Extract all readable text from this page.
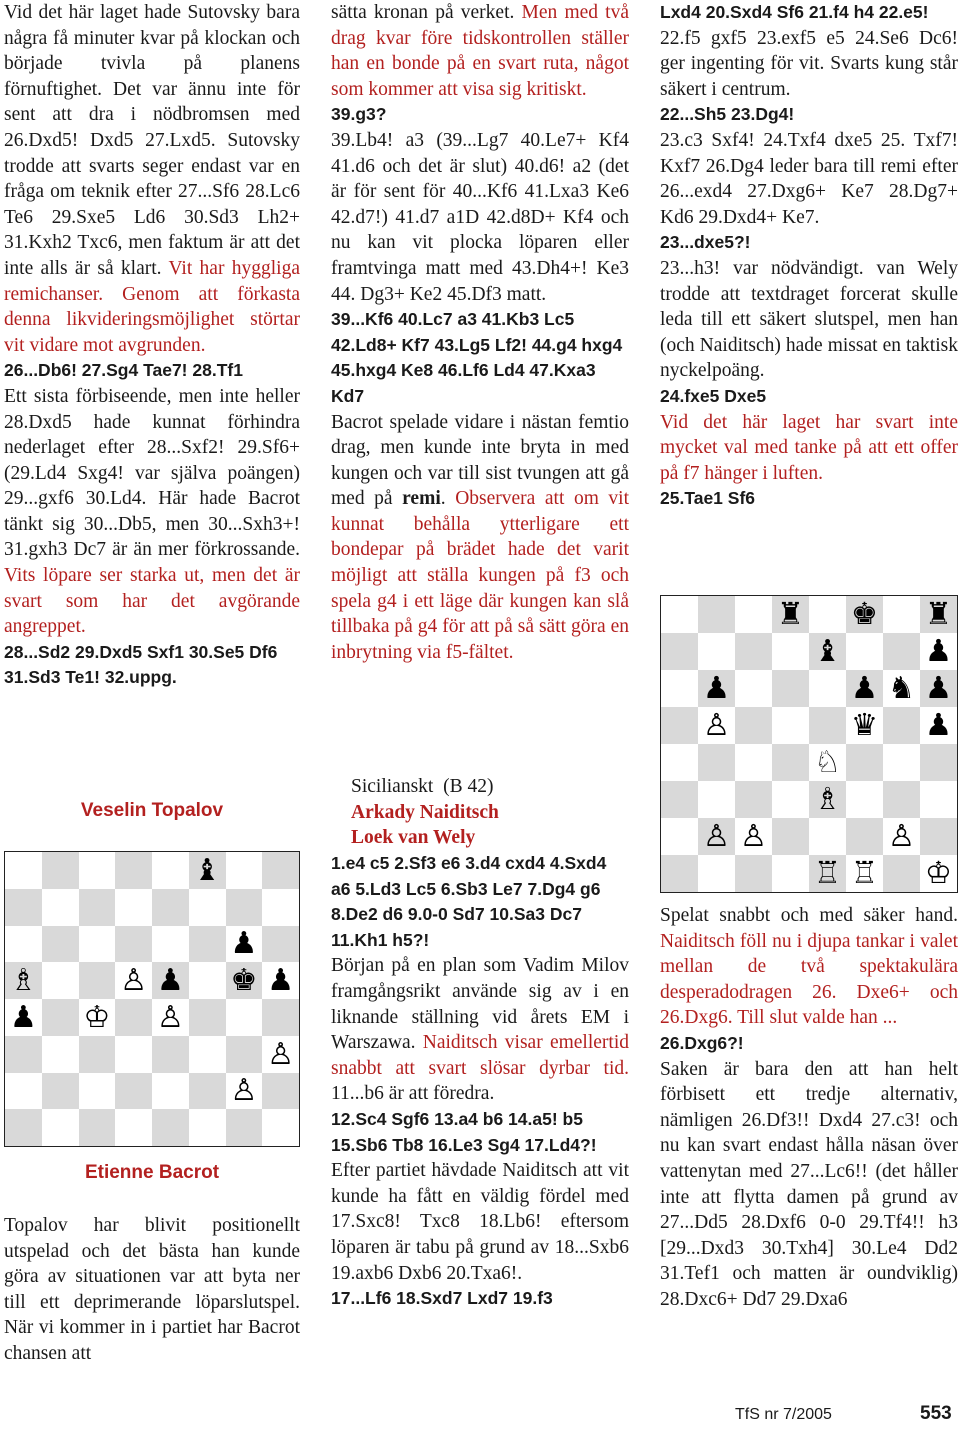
Vid det här laget hade Sutovsky bara några få minuter kvar på klockan och började tvivla på planens förnuftighet. Det var ännu inte för sent att dra i nödbromsen med 26.Dxd5! Dxd5 27.Lxd5. Sutovsky trodde att svarts seger endast var en fråga om teknik efter 27...Sf6 28.Lc6 Te6 29.Sxe5 Ld6 30.Sd3 Lh2+ 31.Kxh2 Txc6, men faktum är att det inte alls är så klart. Vit har hyggliga remichanser. Genom att förkasta denna likvideringsmöjlighet störtar vit vidare mot avgrunden.

26...Db6! 27.Sg4 Tae7! 28.Tf1

Ett sista förbiseende, men inte heller 28.Dxd5 hade kunnat förhindra nederlaget efter 28...Sxf2! 29.Sf6+ (29.Ld4 Sxg4! var själva poängen) 29...gxf6 30.Ld4. Här hade Bacrot tänkt sig 30...Db5, men 30...Sxh3+! 31.gxh3 Dc7 är än mer förkrossande. Vits löpare ser starka ut, men det är svart som har det avgörande angreppet.

28...Sd2 29.Dxd5 Sxf1 30.Se5 Df6 31.Sd3 Te1! 32.uppg.

Veselin Topalov
♝
♟
♗	♙ ♟ ♚ ♟
♟ ♔ ♙
♙
♙
Etienne Bacrot

Topalov har blivit positionellt utspelad och det bästa han kunde göra av situationen var att byta ner till ett deprimerande löparslutspel. När vi kommer in i partiet har Bacrot chansen att

sätta kronan på verket. Men med två drag kvar före tidskontrollen ställer han en bonde på en svart ruta, något som kommer att visa sig kritiskt.

39.g3?

39.Lb4! a3 (39...Lg7 40.Le7+ Kf4 41.d6 och det är slut) 40.d6! a2 (det är för sent för 40...Kf6 41.Lxa3 Ke6 42.d7!) 41.d7 a1D 42.d8D+ Kf4 och nu kan vit plocka löparen eller framtvinga matt med 43.Dh4+! Ke3 44. Dg3+ Ke2 45.Df3 matt.

39...Kf6 40.Lc7 a3 41.Kb3 Lc5 42.Ld8+ Kf7 43.Lg5 Lf2! 44.g4 hxg4 45.hxg4 Ke8 46.Lf6 Ld4 47.Kxa3 Kd7

Bacrot spelade vidare i nästan femtio drag, men kunde inte bryta in med kungen och var till sist tvungen att gå med på remi. Observera att om vit kunnat behålla ytterligare ett bondepar på brädet hade det varit möjligt att ställa kungen på f3 och spela g4 i ett läge där kungen kan slå tillbaka på g4 för att på så sätt göra en inbrytning via f5-fältet.

Sicilianskt (B 42)

Arkady Naiditsch

Loek van Wely

1.e4 c5 2.Sf3 e6 3.d4 cxd4 4.Sxd4 a6 5.Ld3 Lc5 6.Sb3 Le7 7.Dg4 g6 8.De2 d6 9.0-0 Sd7 10.Sa3 Dc7 11.Kh1 h5?!

Början på en plan som Vadim Milov framgångsrikt använde sig av i en liknande ställning vid årets EM i Warszawa. Naiditsch visar emellertid snabbt att svart slösar dyrbar tid. 11...b6 är att föredra.

12.Sc4 Sgf6 13.a4 b6 14.a5! b5 15.Sb6 Tb8 16.Le3 Sg4 17.Ld4?!

Efter partiet hävdade Naiditsch att vit kunde ha fått en väldig fördel med 17.Sxc8! Txc8 18.Lb6! eftersom löparen är tabu på grund av 18...Sxb6 19.axb6 Dxb6 20.Txa6!.

17...Lf6 18.Sxd7 Lxd7 19.f3

Lxd4 20.Sxd4 Sf6 21.f4 h4 22.e5!

22.f5 gxf5 23.exf5 e5 24.Se6 Dc6! ger ingenting för vit. Svarts kung står säkert i centrum.

22...Sh5 23.Dg4!

23.c3 Sxf4! 24.Txf4 dxe5 25. Txf7! Kxf7 26.Dg4 leder bara till remi efter 26...exd4 27.Dxg6+ Ke7 28.Dg7+ Kd6 29.Dxd4+ Ke7.

23...dxe5?!

23...h3! var nödvändigt. van Wely trodde att textdraget forcerat skulle leda till ett säkert slutspel, men han (och Naiditsch) hade missat en taktisk nyckelpoäng.

24.fxe5 Dxe5

Vid det här laget har svart inte mycket val med tanke på att ett offer på f7 hänger i luften.

25.Tae1 Sf6

♜ ♚ ♜
♝	♟
♟	♟ ♞ ♟
♙	♛ ♟
♘
♗
♙ ♙	♙
♖ ♖ ♔

Spelat snabbt och med säker hand. Naiditsch föll nu i djupa tankar i valet mellan de två spektakulära desperadodragen 26. Dxe6+ och 26.Dxg6. Till slut valde han ...

26.Dxg6?!

Saken är bara den att han helt förbisett ett tredje alternativ, nämligen 26.Df3!! Dxd4 27.c3! och nu kan svart endast hålla näsan över vattenytan med 27...Lc6!! (det håller inte att flytta damen på grund av 27...Dd5 28.Dxf6 0-0 29.Tf4!! h3 [29...Dxd3 30.Txh4] 30.Le4 Dd2 31.Tef1 och matten är oundviklig) 28.Dxc6+ Dd7 29.Dxa6

TfS nr 7/2005	553
